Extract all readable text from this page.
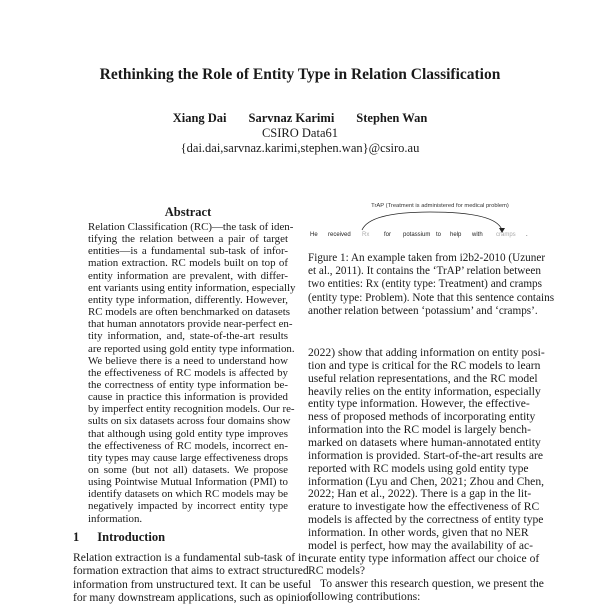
Rethinking the Role of Entity Type in Relation Classification
Xiang Dai Sarvnaz Karimi Stephen Wan
CSIRO Data61
{dai.dai,sarvnaz.karimi,stephen.wan}@csiro.au
Abstract
Relation Classification (RC)—the task of iden-
tifying the relation between a pair of target
entities—is a fundamental sub-task of infor-
mation extraction. RC models built on top of
entity information are prevalent, with differ-
ent variants using entity information, especially
entity type information, differently. However,
RC models are often benchmarked on datasets
that human annotators provide near-perfect en-
tity information, and, state-of-the-art results
are reported using gold entity type information.
We believe there is a need to understand how
the effectiveness of RC models is affected by
the correctness of entity type information be-
cause in practice this information is provided
by imperfect entity recognition models. Our re-
sults on six datasets across four domains show
that although using gold entity type improves
the effectiveness of RC models, incorrect en-
tity types may cause large effectiveness drops
on some (but not all) datasets. We propose
using Pointwise Mutual Information (PMI) to
identify datasets on which RC models may be
negatively impacted by incorrect entity type
information.
1 Introduction
Relation extraction is a fundamental sub-task of in-
formation extraction that aims to extract structured
information from unstructured text. It can be useful
for many downstream applications, such as opinion
TrAP (Treatment is administered for medical problem)
He received Rx for potassium to help with cramps .
Figure 1: An example taken from i2b2-2010 (Uzuner
et al., 2011). It contains the ‘TrAP’ relation between
two entities: Rx (entity type: Treatment) and cramps
(entity type: Problem). Note that this sentence contains
another relation between ‘potassium’ and ‘cramps’.
2022) show that adding information on entity posi-
tion and type is critical for the RC models to learn
useful relation representations, and the RC model
heavily relies on the entity information, especially
entity type information. However, the effective-
ness of proposed methods of incorporating entity
information into the RC model is largely bench-
marked on datasets where human-annotated entity
information is provided. Start-of-the-art results are
reported with RC models using gold entity type
information (Lyu and Chen, 2021; Zhou and Chen,
2022; Han et al., 2022). There is a gap in the lit-
erature to investigate how the effectiveness of RC
models is affected by the correctness of entity type
information. In other words, given that no NER
model is perfect, how may the availability of ac-
curate entity type information affect our choice of
RC models?
To answer this research question, we present the
following contributions:
